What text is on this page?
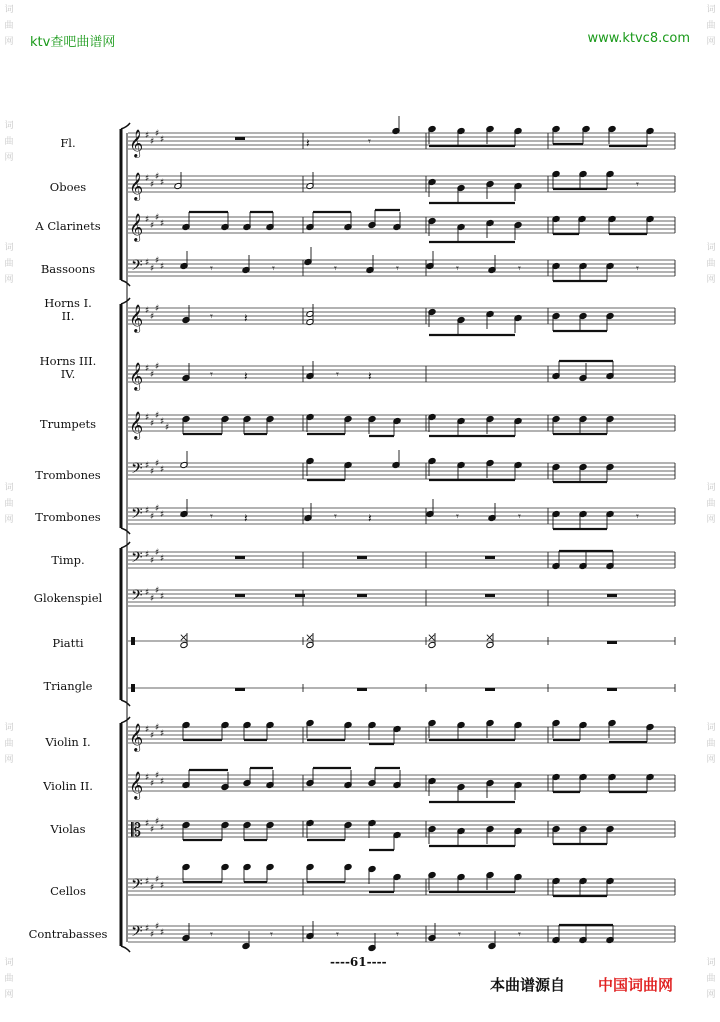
ktv查吧曲谱网	www.ktvc8.com
词
曲
网
词
曲
网
词
曲
网
词
曲
网
词
曲
网
词
曲
网
词
曲
网
词
曲
网
词
曲
网
词
曲
网
词
曲
网
Fl.
Oboes
A Clarinets
Bassoons
Horns I.
II.
Horns III.
IV.
Trumpets
Trombones
Trombones
Timp.
Glokenspiel
Piatti
Triangle
Violin I.
Violin II.
Violas
Cellos
Contrabasses
𝄞 ♯
♯
♯
♯
𝄞 ♯
♯
♯
♯
𝄞 ♯
♯
♯
♯
𝄢 ♯
♯
♯
♯
𝄞 ♯
♯
♯
𝄞 ♯
♯
♯
𝄞 ♯
♯
♯
♯
♯
𝄢 ♯
♯
♯
♯
𝄢 ♯
♯
♯
♯
𝄢 ♯
♯
♯
♯
𝄢 ♯
♯
♯
♯
𝄞 ♯
♯
♯
♯
𝄞 ♯
♯
♯
♯
𝄡 ♯
♯
♯
♯
𝄢 ♯
♯
♯
♯
𝄢 ♯
♯
♯
♯
𝄽	𝄾
𝄾
𝄾	𝄾	𝄾	𝄾	𝄾	𝄾	𝄾
𝄾	𝄽
𝄾	𝄽	𝄾 𝄽
𝄾	𝄾	𝄾	𝄾
𝄽	𝄽	𝄾
×	×	×	×
𝄾	𝄾	𝄾	𝄾	𝄾	𝄾
----61----
本曲谱源自 中国词曲网
